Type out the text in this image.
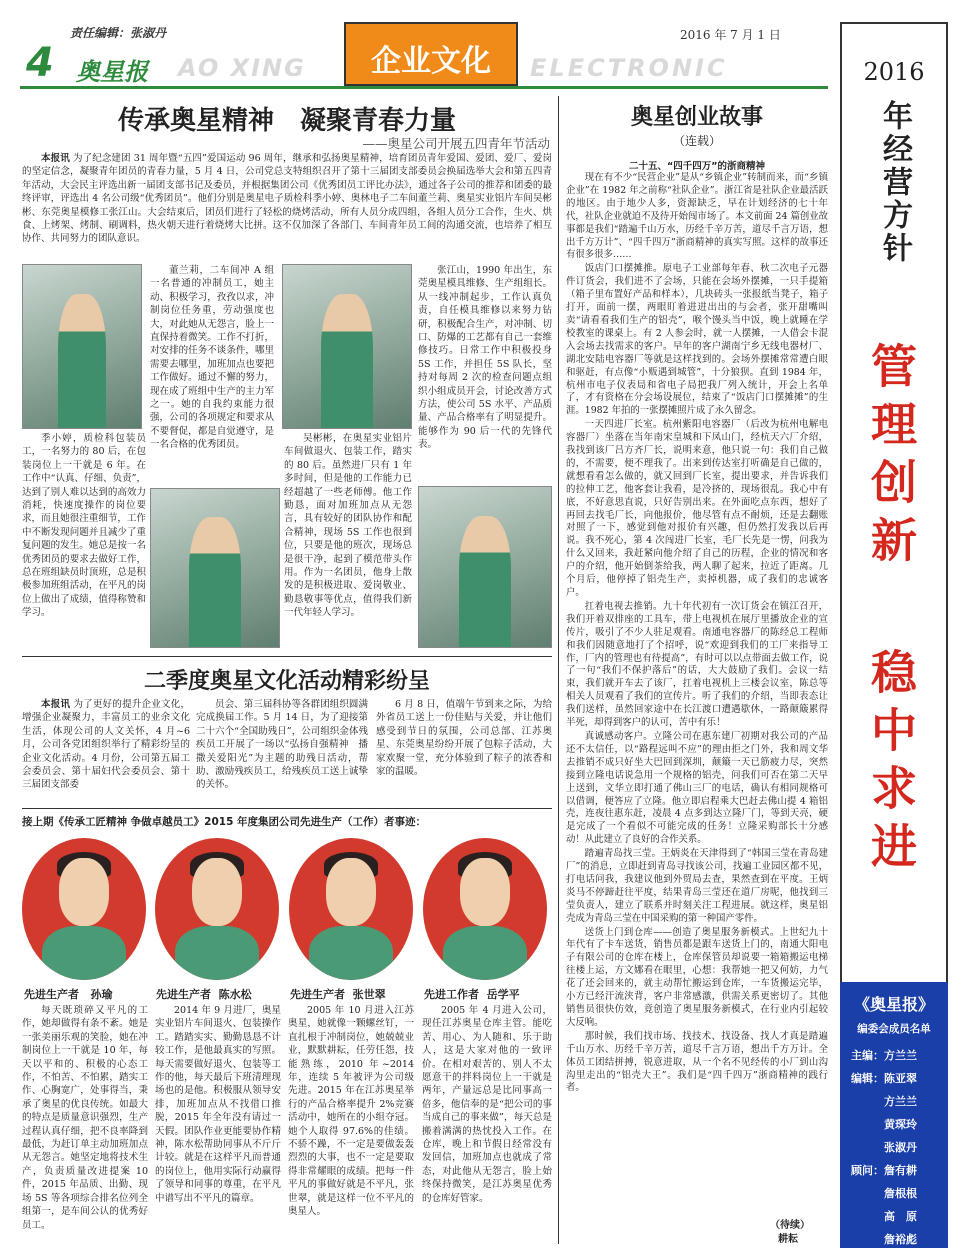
责任编辑：张淑丹
4 奥星报 AO XING	企业文化	ELECTRONIC
2016 年 7 月 1 日
传承奥星精神　凝聚青春力量
——奥星公司开展五四青年节活动

本报讯 为了纪念建团 31 周年暨“五四”爱国运动 96 周年，继承和弘扬奥星精神，培育团员青年爱国、爱团、爱厂、爱岗的坚定信念，凝聚青年团员的青春力量，5 月 4 日，公司党总支特组织召开了第十三届团支部委员会换届选举大会和第五四青年活动，大会民主评选出新一届团支部书记及委员，并根据集团公司《优秀团员工评比办法》，通过各子公司的推荐和团委的最终评审，评选出 4 名公司级“优秀团员”。他们分别是奥星电子质检科季小婷、奥林电子二车间董兰莉、奥星实业铝片车间吴彬彬、东莞奥星模修工张江山。大会结束后，团员们进行了轻松的烧烤活动，所有人员分成四组，各组人员分工合作，生火、烘食、上烤架、烤制、刷调料，热火朝天进行着烧烤大比拼。这不仅加深了各部门、车间青年员工间的沟通交流，也培养了相互协作、共同努力的团队意识。

季小婷，质检科包装员工，一名努力的 80 后，在包装岗位上一干就是 6 年。在工作中“认真、仔细、负责”，达到了别人难以达到的高效力消耗，快速度操作的岗位要求，而且她很注重细节，工作中不断发现问题并且减少了重复问题的发生。她总是按一名优秀团员的要求去做好工作，总在班组缺员时顶班，总是积极参加班组活动，在平凡的岗位上做出了成绩，值得称赞和学习。

董兰莉，二车间冲 A 组一名普通的冲制员工，她主动、积极学习，孜孜以求，冲制岗位任务重，劳动强度也大，对此她从无怨言，脸上一直保持着微笑。工作不打折，对安排的任务不谈条件，哪里需要去哪里，加班加点也要把工作做好。通过不懈的努力，现在成了班组中生产的主力军之一。她的自我约束能力很强，公司的各项规定和要求从不要督促，都是自觉遵守，是一名合格的优秀团员。

吴彬彬，在奥星实业铝片车间做退火、包装工作，踏实的 80 后。虽然进厂只有 1 年多时间，但是他的工作能力已经超越了一些老师傅。他工作勤恳，面对加班加点从无怨言，具有较好的团队协作和配合精神，现场 5S 工作也很到位，只要是他的班次，现场总是很干净，起到了模范带头作用。作为一名团员，他身上散发的是积极进取、爱岗敬业、勤恳敬事等优点，值得我们新一代年轻人学习。

张江山，1990 年出生，东莞奥星模具维修、生产组组长。从一线冲制起步，工作认真负责，自任模具维修以来努力钻研，积极配合生产，对冲制、切口、防爆的工艺都有自己一套维修技巧。日常工作中积极投身 5S 工作，并担任 5S 队长，坚持对每周 2 次的检查问题点组织小组成员开会，讨论改善方式方法，使公司 5S 水平、产品质量、产品合格率有了明显提升。能够作为 90 后一代的先锋代表。

二季度奥星文化活动精彩纷呈

本报讯 为了更好的提升企业文化，增强企业凝聚力，丰富员工的业余文化生活，体现公司的人文关怀，4 月~6 月，公司各党团组织举行了精彩纷呈的企业文化活动。4 月份，公司第五届工会委员会、第十届妇代会委员会、第十三届团支部委

员会、第三届科协等各群团组织圆满完成换届工作。5 月 14 日，为了迎接第二十六个“全国助残日”，公司组织金体残疾员工开展了一场以“弘扬自强精神　播撒关爱阳光”为主题的助残日活动，帮助、激励残疾员工，给残疾员工送上诚挚的关怀。

6 月 8 日，值端午节到来之际，为给外省员工送上一份佳贴与关爱，并让他们感受到节日的氛围，公司总部、江苏奥星、东莞奥星纷纷开展了包粽子活动，大家欢聚一堂，充分体验到了粽子的浓香和家的温暖。

接上期《传承工匠精神 争做卓越员工》2015 年度集团公司先进生产（工作）者事迹：
先进生产者 孙瑜	先进生产者 陈水松	先进生产者 张世翠	先进工作者 岳学平

每天既琐碎又平凡的工作，她却做得有条不紊。她是一张美丽乐观的笑脸，她在冲制岗位上一干就是 10 年，每天以平和的、积极的心态工作，不怕苦、不怕累，踏实工作、心胸宽广，处事得当，秉承了奥星的优良传统。如最大的特点是质量意识强烈，生产过程认真仔细，把不良率降到最低，为赶订单主动加班加点从无怨言。她坚定地将技术生产，负责质量改进提案 10 件，2015 年品质、出勤、现场 5S 等各项综合排名位列全组第一，是车间公认的优秀好员工。

2014 年 9 月进厂，奥星实业铝片车间退火、包装操作工。踏踏实实、勤勤恳恳不计较工作，是他最真实的写照。每天需要做好退火、包装等工作的他，每天最后下班清理现场也的是他。积极服从领导安排，加班加点从不找借口推脱，2015 年全年没有请过一天假。团队作业更能要协作精神，陈水松帮助同事从不斤斤计较。就是在这样平凡而普通的岗位上，他用实际行动赢得了领导和同事的尊重，在平凡中谱写出不平凡的篇章。

2005 年 10 月进入江苏奥星，她就像一颗螺丝钉，一直扎根于冲制岗位，她兢兢业业，默默耕耘，任劳任怨，技能熟练，2010 年~2014 年，连续 5 年被评为公司级先进。2015 年在江苏奥星举行的产品合格率提升 2%竞赛活动中，她所在的小组夺冠。她个人取得 97.6%的佳绩。不骄不躁，不一定是要做轰轰烈烈的大事，也不一定是要取得非常耀眼的成绩。把每一件平凡的事做好就是不平凡，张世翠，就是这样一位不平凡的奥星人。

2005 年 4 月进入公司，现任江苏奥星仓库主管。能吃苦、用心、为人随和、乐于助人，这是大家对他的一致评价。在相对艰苦的、别人不太愿意干的拌料岗位上一干就是两年，产量远总是比同事高一倍多，他信奉的是“把公司的事当成自己的事来做”，每天总是搬着满满的热忱投入工作。在仓库，晚上和节假日经常没有发回信，加班加点也就成了常态，对此他从无怨言，脸上始终保持微笑，是江苏奥星优秀的仓库好管家。

奥星创业故事
（连载）
二十五、“四千四万”的浙商精神

现在有不少“民营企业”是从“乡镇企业”转制而来，而“乡镇企业”在 1982 年之前称“社队企业”。浙江省是社队企业最活跃的地区。由于地少人多，资源缺乏，早在计划经济的七十年代，社队企业就迫不及待开始闯市场了。本文前面 24 篇创业故事都是我们“踏遍千山万水，历经千辛万苦，道尽千言万语，想出千方万计”、“四千四万”浙商精神的真实写照。这样的故事还有很多很多……

饭店门口摆摊推。原电子工业部每年春、秋二次电子元器件订货会，我们进不了会场，只能在会场外摆摊，一只手提箱（箱子里布置好产品和样本），几块砖头一张报纸当凳子，箱子打开，面前一摆，两眼盯着进进出出的与会者，张开甜嘴叫卖“请看看我们生产的铝壳”，喉个馒头当中饭，晚上就睡在学校教室的课桌上。有 2 人参会时，就一人摆摊，一人借会卡混入会场去找需求的客户。早年的客户湖南宁乡无线电器材厂、湖北安陆电容器厂等就是这样找到的。会场外摆摊常常遭白眼和驱赶，有点像“小贩遇到城管”，十分狼狈。直到 1984 年，杭州市电子仪表局和省电子局把我厂列入统计，开会上名单了，才有资格在分会场设展位，结束了“饭店门口摆摊摊”的生涯。1982 年拍的一张摆摊照片成了永久留念。

一天四进厂长室。杭州紫阳电容器厂（后改为杭州电解电容器厂）坐落在当年南宋皇城和下凤山门，经杭天六厂介绍，我找到该厂吕方齐厂长，说明来意，他只说一句：我们自己做的，不需要，便不理我了。出来到传达室打听确是自己做的，就想看看怎么做的，就又回到厂长室，提出要求，并告诉我们的拉伸工艺，他客套让我看，是冷挤的，现场很乱。我心中有底，不好意思直说，只好告别出来。在外面吃点东西，想好了再回去找毛厂长，向他报价，他尽管有点不耐烦，还是去翻账对照了一下，感觉到他对报价有兴趣，但仍然打发我以后再说。我不死心，第 4 次闯进厂长室，毛厂长先是一愣，问我为什么又回来，我赶紧向他介绍了自己的历程，企业的情况和客户的介绍，他开始倒茶给我，两人聊了起来，拉近了距离。几个月后，他停掉了铝壳生产，卖掉机器，成了我们的忠诚客户。

扛着电视去推销。九十年代初有一次订货会在镇江召开，我们开着双排座的工具车，带上电视机在展厅里播放企业的宣传片，吸引了不少人驻足观看。南通电容器厂的陈经总工程师和我们因随意地打了个招呼，说“欢迎到我们的工厂来指导工作，厂内的管理也有待提高”，有时可以以点带面去做工作，说了一句“我们不保护落后”的话，大大鼓励了我们。会议一结束，我们就开车去了该厂，扛着电视机上三楼会议室，陈总等相关人员观看了我们的宣传片。听了我们的介绍，当即表态让我们送样，虽然回家途中在长江渡口遭遇歇休，一路颠簸累得半死，却得到客户的认可，苦中有乐！

真诚感动客户。立隆公司在惠东建厂初期对我公司的产品还不太信任，以“路程远叫不应”的理由拒之门外，我和周文华去推销不成只好坐大巴回到深圳，颠簸一天已筋疲力尽，突然接到立隆电话说急用一个规格的铝壳，问我们可否在第二天早上送到，文华立即打通了佛山三厂的电话，确认有相同规格可以借调，便答应了立隆。他立即启程乘大巴赶去佛山提 4 箱铝壳，连夜往惠东赶，凌晨 4 点多到达立隆厂门，等到天亮，硬是完成了一个看似不可能完成的任务！立隆采购部长十分感动！从此建立了良好的合作关系。

踏遍青岛找三莹。王炳炎在天津得到了“韩国三莹在青岛建厂”的消息，立即赶到青岛寻找该公司，找遍工业园区都不见，打电话问我，我建议他到外贸局去查，果然查到在平度。王炳炎马不停蹄赶往平度，结果青岛三莹还在道厂房呢，他找到三莹负责人，建立了联系并时刻关注工程进展。就这样，奥星铝壳成为青岛三莹在中国采购的第一种国产零件。

送货上门到仓库——创造了奥星服务新模式。上世纪九十年代有了卡车送货，销售员都是跟车送货上门的，南通大阳电子有限公司的仓库在楼上，仓库保管员却说要一箱箱搬运电梯往楼上运，方文娜看在眼里，心想：我帮她一把又何妨，力气花了还会回来的，就主动帮忙搬运到仓库，一车货搬运完毕，小方已经汗流浃背，客户非常感激，供需关系更密切了。其他销售员很快仿效，竟创造了奥星服务新模式，在行业内引起较大反响。

那时候，我们找市场、找技术、找设备、找人才真是踏遍千山万水、历经千辛万苦，道尽千言万语，想出千方万计。全体员工团结拼搏，锐意进取，从一个名不见经传的小厂到山沟沟里走出的“铝壳大王”。我们是“四千四万”浙商精神的践行者。

（待续）
耕耘
2016
年经营方针
管理创新
稳中求进
《奥星报》
编委会成员名单
主编： 方兰兰
编辑： 陈亚翠
方兰兰
黄琛玲
张淑丹
顾问： 詹有耕
詹根根
高　原
詹裕彪
